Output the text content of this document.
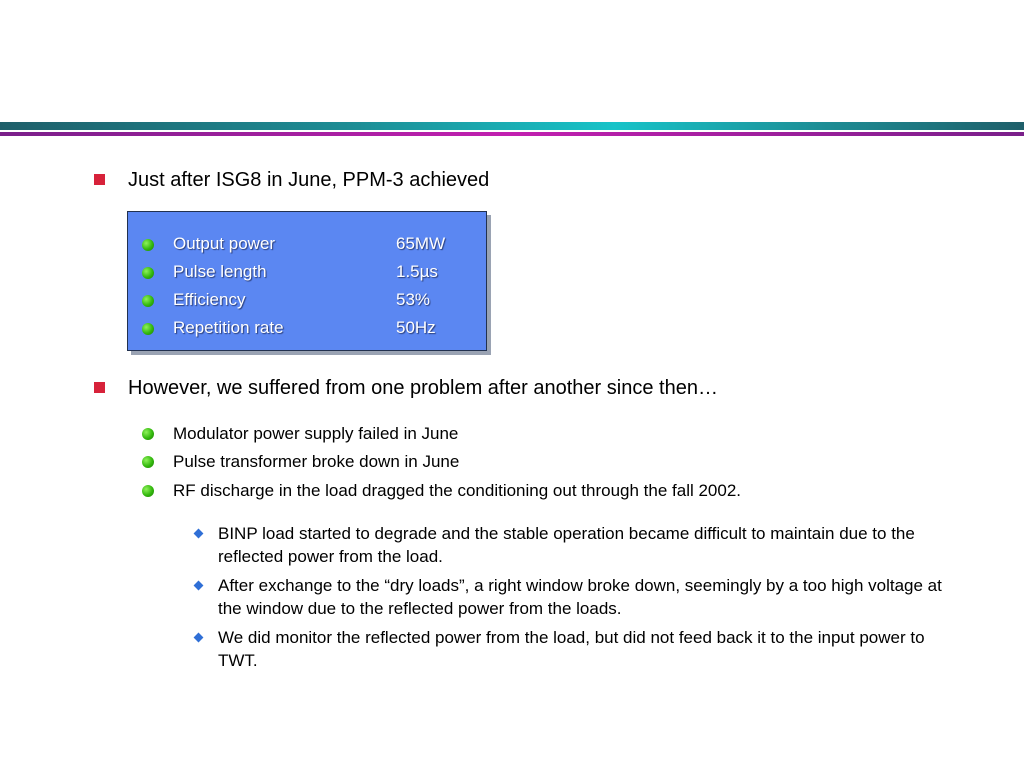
Just after ISG8 in June, PPM-3 achieved
Output power	65MW
Pulse length	1.5µs
Efficiency	53%
Repetition rate	50Hz
However, we suffered from one problem after another since then…
Modulator power supply failed in June
Pulse transformer broke down in June
RF discharge in the load dragged the conditioning out through the fall 2002.
BINP load started to degrade and the stable operation became difficult to maintain due to the reflected power from the load.
After exchange to the “dry loads”, a right window broke down, seemingly by a too high voltage at the window due to the reflected power from the loads.
We did monitor the reflected power from the load, but did not feed back it to the input power to TWT.
